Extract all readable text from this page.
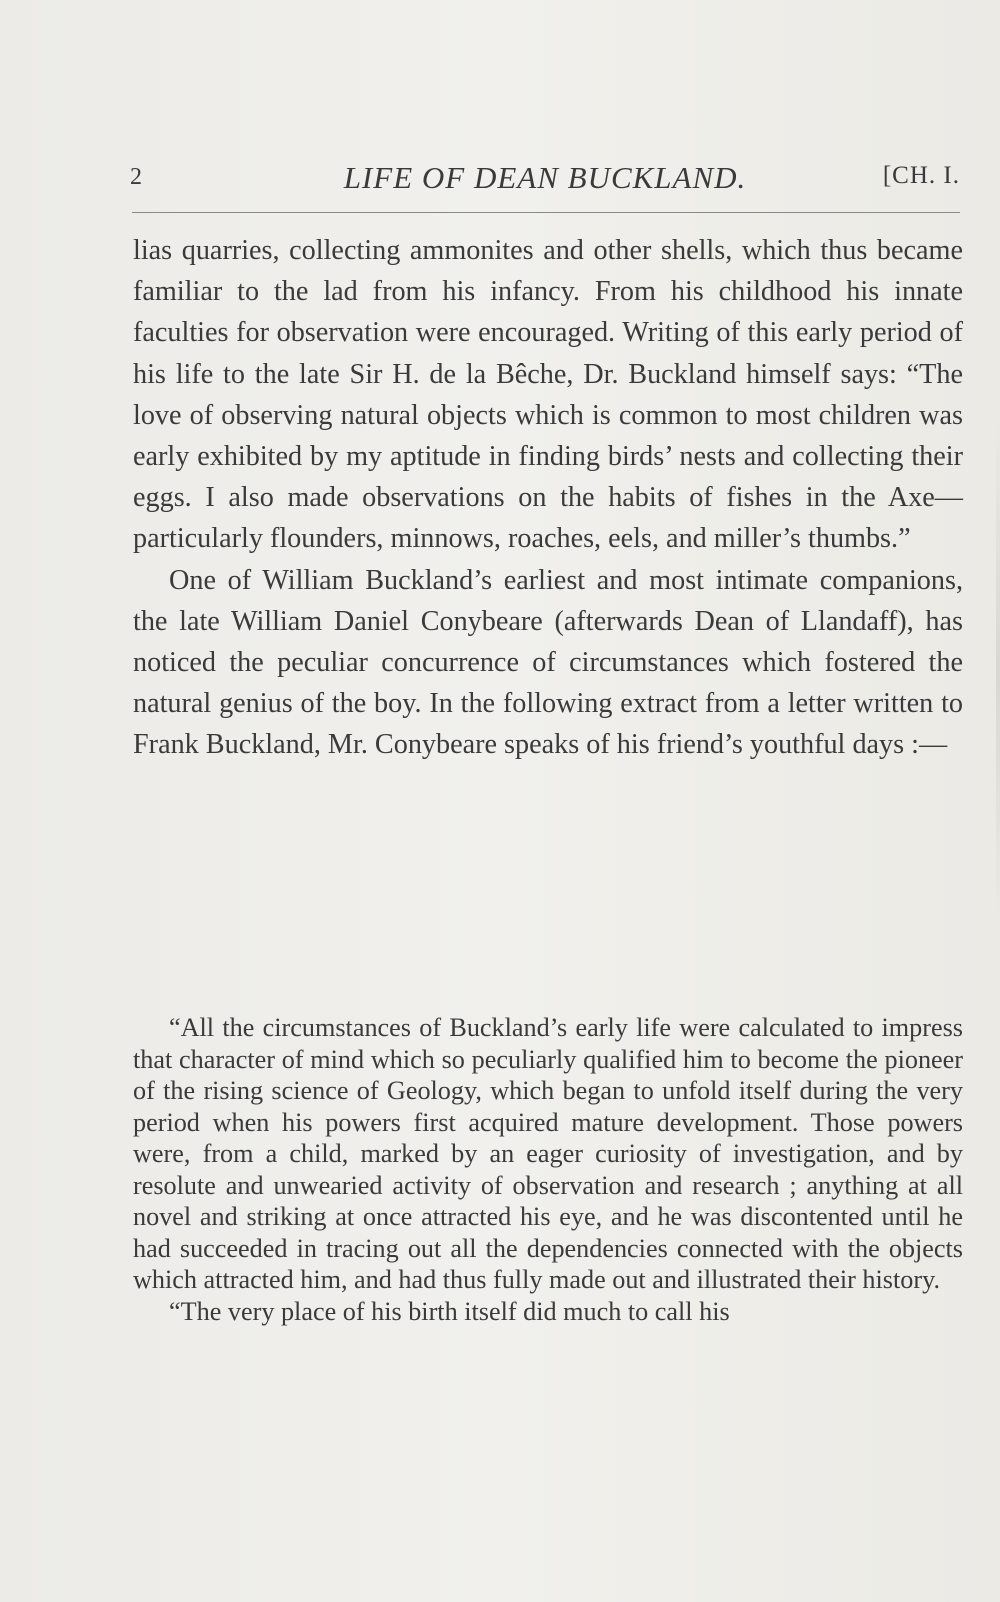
2	LIFE OF DEAN BUCKLAND.	[CH. I.

lias quarries, collecting ammonites and other shells, which thus became familiar to the lad from his infancy. From his childhood his innate faculties for observation were encouraged. Writing of this early period of his life to the late Sir H. de la Bêche, Dr. Buckland himself says: “The love of observing natural objects which is common to most children was early exhibited by my aptitude in finding birds’ nests and collecting their eggs. I also made observations on the habits of fishes in the Axe—particularly flounders, minnows, roaches, eels, and miller’s thumbs.”

One of William Buckland’s earliest and most intimate companions, the late William Daniel Conybeare (afterwards Dean of Llandaff), has noticed the peculiar concurrence of circumstances which fostered the natural genius of the boy. In the following extract from a letter written to Frank Buckland, Mr. Conybeare speaks of his friend’s youthful days :—

“All the circumstances of Buckland’s early life were calculated to impress that character of mind which so peculiarly qualified him to become the pioneer of the rising science of Geology, which began to unfold itself during the very period when his powers first acquired mature development. Those powers were, from a child, marked by an eager curiosity of investigation, and by resolute and unwearied activity of observation and research ; anything at all novel and striking at once attracted his eye, and he was discontented until he had succeeded in tracing out all the dependencies connected with the objects which attracted him, and had thus fully made out and illustrated their history.

“The very place of his birth itself did much to call his
